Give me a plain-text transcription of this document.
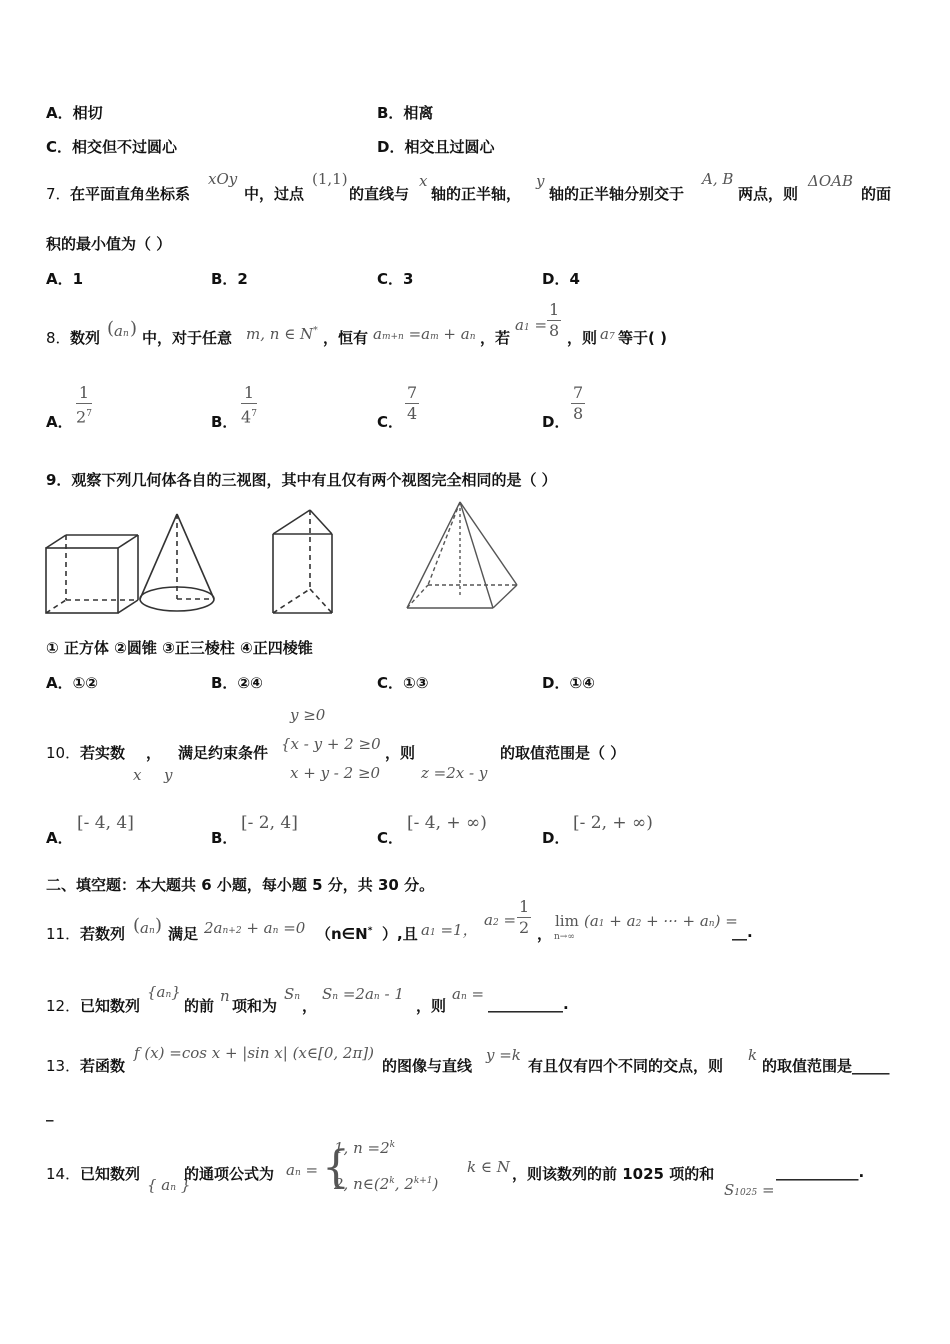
A．相切	B．相离
C．相交但不过圆心	D．相交且过圆心
7． 在平面直角坐标系
xOy
中，过点
(1,1)
的直线与
x
轴的正半轴，
y
轴的正半轴分别交于
A, B
两点，则
ΔOAB
的面
积的最小值为（ ）
A．1	B．2	C．3	D．4
8． 数列 ( an ) 中，对于任意 m, n ∈ N* ，恒有 am+n =am + an ，若
$a1 = \frac{1}{8}$ ，则 a7 等于( )
A． $\frac{1}{2^7}$	B． $\frac{1}{4^7}$	C． $\frac{7}{4}$	D． $\frac{7}{8}$
9．观察下列几何体各自的三视图，其中有且仅有两个视图完全相同的是（ ）
① 正方体 ②圆锥 ③正三棱柱 ④正四棱锥
A．①②	B．②④	C．①③	D．①④
10． 若实数 ， 满足约束条件
x y
y ≥0
{x - y + 2 ≥0
x + y - 2 ≥0
，则
z =2x - y
的取值范围是（ ）
A．
[- 4, 4]
B．
[- 2, 4]
C．
[- 4, + ∞)
D．
[- 2, + ∞)
二、填空题：本大题共 6 小题，每小题 5 分，共 30 分。
11． 若数列 ( an ) 满足 2an+2 + an =0 （n∈N* ）,且 a1 =1，
$a2 = \frac{1}{2}$ ，
lim
n→∞
(a1 + a2 + ··· + an) =
__.
12． 已知数列
{an}
的前
n
项和为
Sn ，
Sn =2an - 1
，则
an =
__________.
13． 若函数
f (x) =cos x + |sin x| (x∈[0, 2π])
的图像与直线
y =k
有且仅有四个不同的交点，则
k
的取值范围是_____
_
14． 已知数列
{ an }
的通项公式为 an = {
1, $n =2^k$
2, n∈(2$^k$, $2^{k+1}$)
k ∈ N ，则该数列的前 1025 项的和
S1025 =
___________.
